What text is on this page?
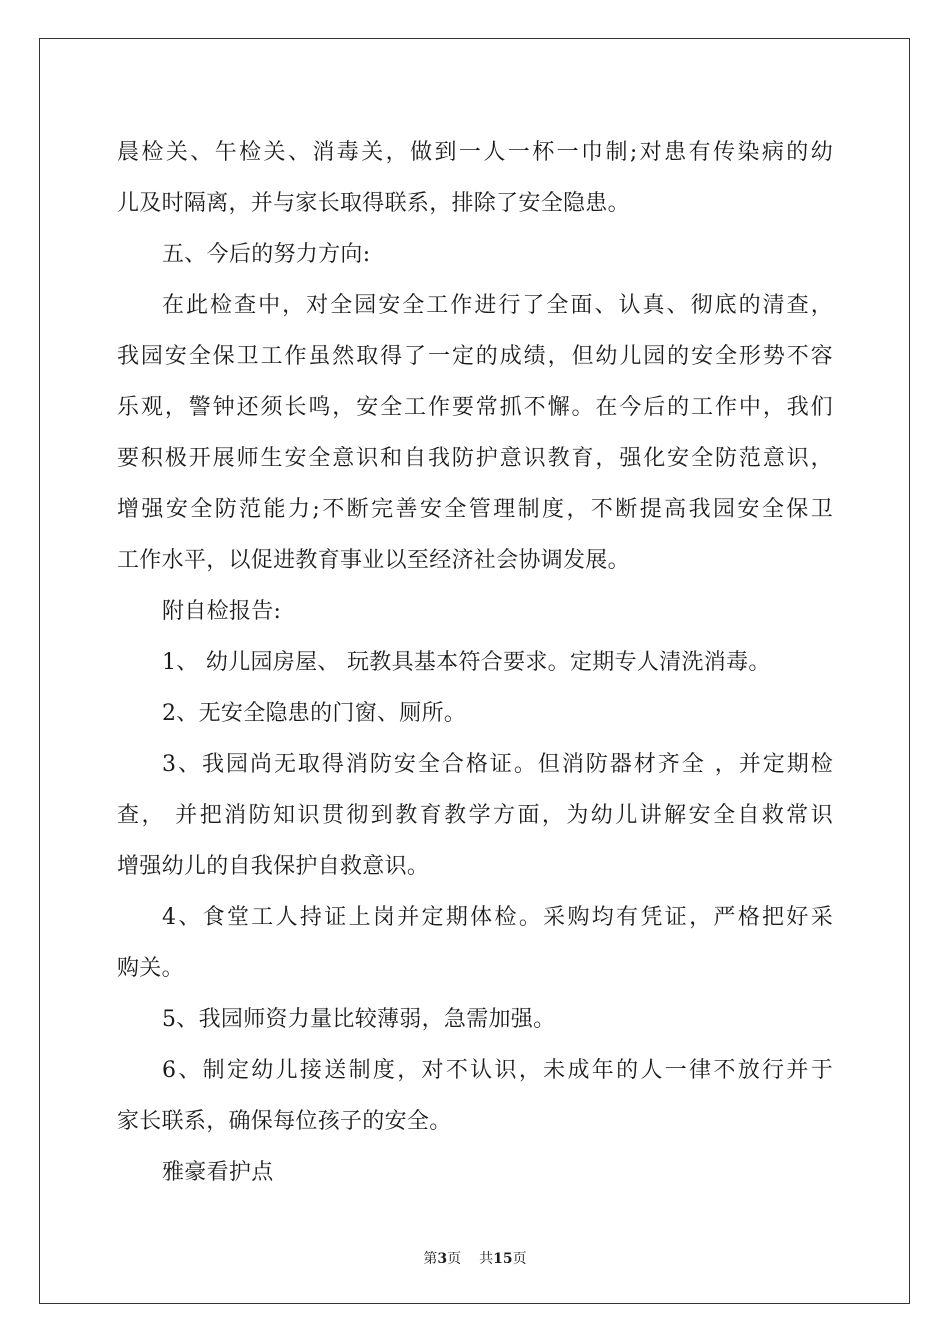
晨检关、午检关、消毒关，做到一人一杯一巾制;对患有传染病的幼
儿及时隔离，并与家长取得联系，排除了安全隐患。
五、今后的努力方向:
在此检查中，对全园安全工作进行了全面、认真、彻底的清查，
我园安全保卫工作虽然取得了一定的成绩，但幼儿园的安全形势不容
乐观，警钟还须长鸣，安全工作要常抓不懈。在今后的工作中，我们
要积极开展师生安全意识和自我防护意识教育，强化安全防范意识，
增强安全防范能力;不断完善安全管理制度，不断提高我园安全保卫
工作水平，以促进教育事业以至经济社会协调发展。
附自检报告:
1、 幼儿园房屋、 玩教具基本符合要求。定期专人清洗消毒。
2、无安全隐患的门窗、厕所。
3、我园尚无取得消防安全合格证。但消防器材齐全 ，并定期检
查， 并把消防知识贯彻到教育教学方面，为幼儿讲解安全自救常识
增强幼儿的自我保护自救意识。
4、食堂工人持证上岗并定期体检。采购均有凭证，严格把好采
购关。
5、我园师资力量比较薄弱，急需加强。
6、制定幼儿接送制度，对不认识，未成年的人一律不放行并于
家长联系，确保每位孩子的安全。
雅豪看护点
第3页 共15页
